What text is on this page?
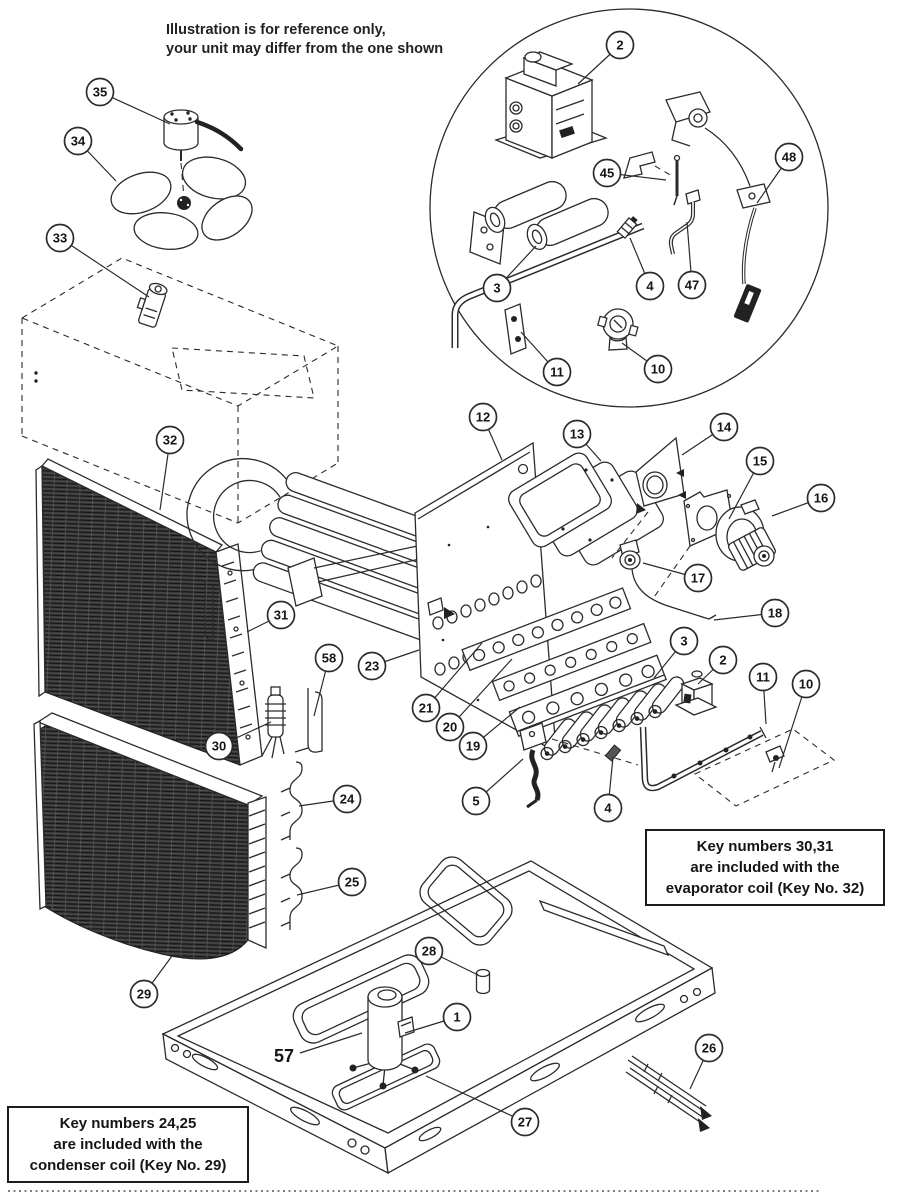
2
45
48
3	4 47
11	10
35
34
33
32
31
58
30
23
21
20
19
5	4
3
2
11 10
12
13	14
15
16
17
18
24
25
29
28
1
27
26
57
Illustration is for reference only,
your unit may differ from the one shown
Key numbers 30,31
are included with the
evaporator coil (Key No. 32)
Key numbers 24,25
are included with the
condenser coil (Key No. 29)
